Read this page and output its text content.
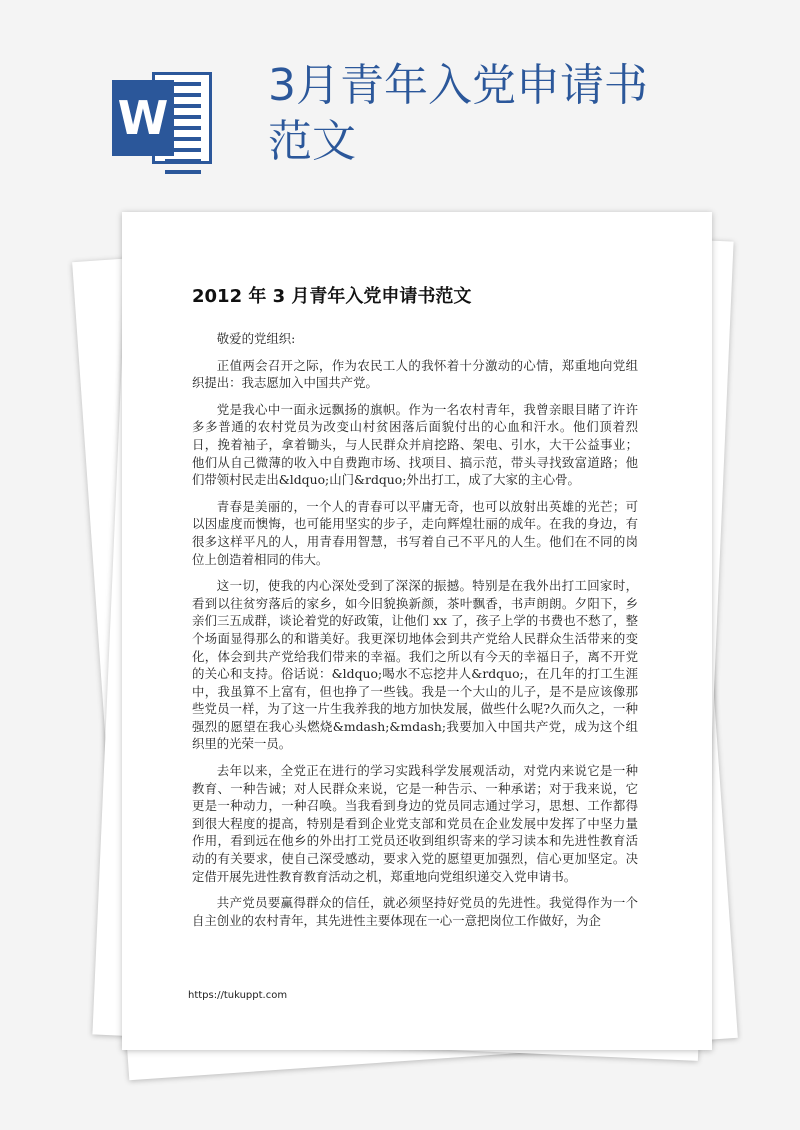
W
3月青年入党申请书范文
2012 年 3 月青年入党申请书范文

敬爱的党组织:

正值两会召开之际，作为农民工人的我怀着十分激动的心情，郑重地向党组织提出：我志愿加入中国共产党。

党是我心中一面永远飘扬的旗帜。作为一名农村青年，我曾亲眼目睹了许许多多普通的农村党员为改变山村贫困落后面貌付出的心血和汗水。他们顶着烈日，挽着袖子，拿着锄头，与人民群众并肩挖路、架电、引水，大干公益事业；他们从自己微薄的收入中自费跑市场、找项目、搞示范，带头寻找致富道路；他们带领村民走出&ldquo;山门&rdquo;外出打工，成了大家的主心骨。

青春是美丽的，一个人的青春可以平庸无奇，也可以放射出英雄的光芒；可以因虚度而懊悔，也可能用坚实的步子，走向辉煌壮丽的成年。在我的身边，有很多这样平凡的人，用青春用智慧，书写着自己不平凡的人生。他们在不同的岗位上创造着相同的伟大。

这一切，使我的内心深处受到了深深的振撼。特别是在我外出打工回家时，看到以往贫穷落后的家乡，如今旧貌换新颜，茶叶飘香，书声朗朗。夕阳下，乡亲们三五成群，谈论着党的好政策，让他们 xx 了，孩子上学的书费也不愁了，整个场面显得那么的和谐美好。我更深切地体会到共产党给人民群众生活带来的变化，体会到共产党给我们带来的幸福。我们之所以有今天的幸福日子，离不开党的关心和支持。俗话说：&ldquo;喝水不忘挖井人&rdquo;，在几年的打工生涯中，我虽算不上富有，但也挣了一些钱。我是一个大山的儿子，是不是应该像那些党员一样，为了这一片生我养我的地方加快发展，做些什么呢?久而久之，一种强烈的愿望在我心头燃烧&mdash;&mdash;我要加入中国共产党，成为这个组织里的光荣一员。

去年以来，全党正在进行的学习实践科学发展观活动，对党内来说它是一种教育、一种告诫；对人民群众来说，它是一种告示、一种承诺；对于我来说，它更是一种动力，一种召唤。当我看到身边的党员同志通过学习，思想、工作都得到很大程度的提高，特别是看到企业党支部和党员在企业发展中发挥了中坚力量作用，看到远在他乡的外出打工党员还收到组织寄来的学习读本和先进性教育活动的有关要求，使自己深受感动，要求入党的愿望更加强烈，信心更加坚定。决定借开展先进性教育教育活动之机，郑重地向党组织递交入党申请书。

共产党员要赢得群众的信任，就必须坚持好党员的先进性。我觉得作为一个自主创业的农村青年，其先进性主要体现在一心一意把岗位工作做好，为企

https://tukuppt.com
